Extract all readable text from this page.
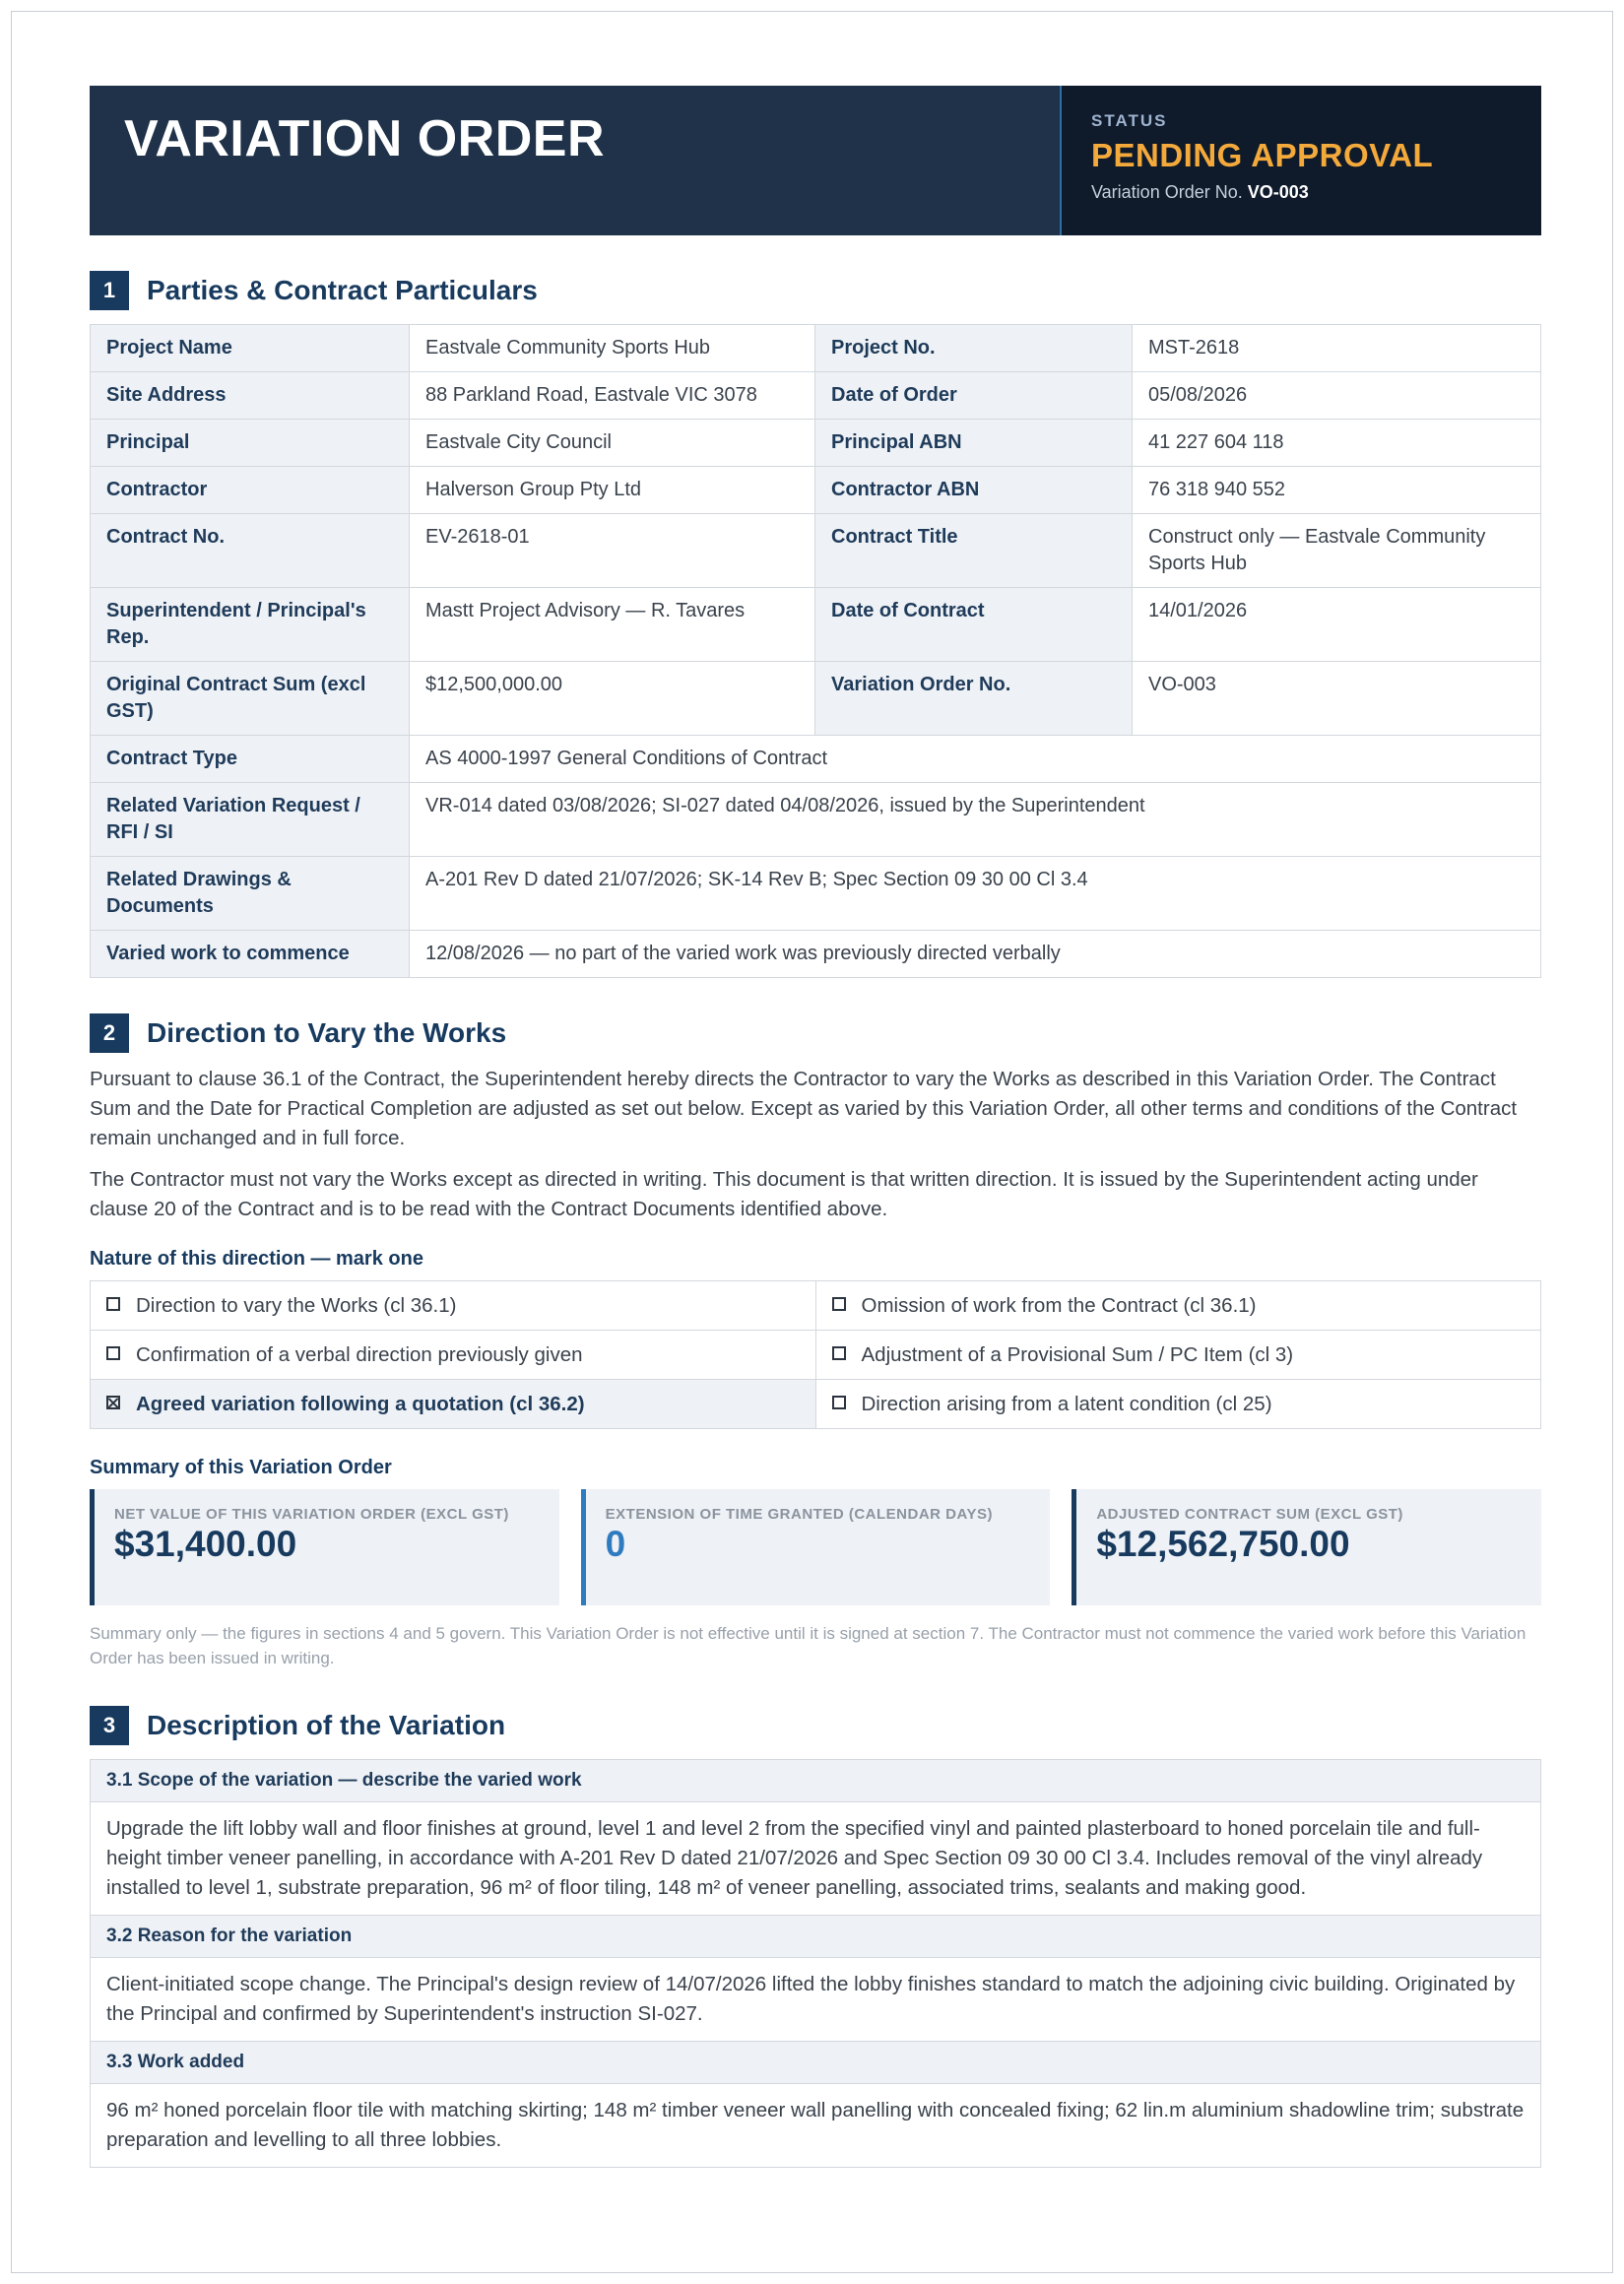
VARIATION ORDER	STATUS
PENDING APPROVAL
Variation Order No. VO-003
1	Parties & Contract Particulars
Project Name	Eastvale Community Sports Hub	Project No.	MST-2618
Site Address	88 Parkland Road, Eastvale VIC 3078	Date of Order	05/08/2026
Principal	Eastvale City Council	Principal ABN	41 227 604 118
Contractor	Halverson Group Pty Ltd	Contractor ABN	76 318 940 552
Contract No.	EV-2618-01	Contract Title	Construct only — Eastvale Community Sports Hub
Superintendent / Principal's Rep.	Mastt Project Advisory — R. Tavares	Date of Contract	14/01/2026
Original Contract Sum (excl GST)	$12,500,000.00	Variation Order No.	VO-003
Contract Type	AS 4000-1997 General Conditions of Contract		
Related Variation Request / RFI / SI	VR-014 dated 03/08/2026; SI-027 dated 04/08/2026, issued by the Superintendent		
Related Drawings & Documents	A-201 Rev D dated 21/07/2026; SK-14 Rev B; Spec Section 09 30 00 Cl 3.4		
Varied work to commence	12/08/2026 — no part of the varied work was previously directed verbally		
2	Direction to Vary the Works
Pursuant to clause 36.1 of the Contract, the Superintendent hereby directs the Contractor to vary the Works as described in this Variation Order. The Contract Sum and the Date for Practical Completion are adjusted as set out below. Except as varied by this Variation Order, all other terms and conditions of the Contract remain unchanged and in full force.
The Contractor must not vary the Works except as directed in writing. This document is that written direction. It is issued by the Superintendent acting under clause 20 of the Contract and is to be read with the Contract Documents identified above.
Nature of this direction — mark one
Direction to vary the Works (cl 36.1)	Omission of work from the Contract (cl 36.1)
Confirmation of a verbal direction previously given	Adjustment of a Provisional Sum / PC Item (cl 3)
Agreed variation following a quotation (cl 36.2)	Direction arising from a latent condition (cl 25)
Summary of this Variation Order
NET VALUE OF THIS VARIATION ORDER (EXCL GST)
$31,400.00
EXTENSION OF TIME GRANTED (CALENDAR DAYS)
0
ADJUSTED CONTRACT SUM (EXCL GST)
$12,562,750.00
Summary only — the figures in sections 4 and 5 govern. This Variation Order is not effective until it is signed at section 7. The Contractor must not commence the varied work before this Variation Order has been issued in writing.
3	Description of the Variation
3.1 Scope of the variation — describe the varied work
Upgrade the lift lobby wall and floor finishes at ground, level 1 and level 2 from the specified vinyl and painted plasterboard to honed porcelain tile and full-height timber veneer panelling, in accordance with A-201 Rev D dated 21/07/2026 and Spec Section 09 30 00 Cl 3.4. Includes removal of the vinyl already installed to level 1, substrate preparation, 96 m² of floor tiling, 148 m² of veneer panelling, associated trims, sealants and making good.
3.2 Reason for the variation
Client-initiated scope change. The Principal's design review of 14/07/2026 lifted the lobby finishes standard to match the adjoining civic building. Originated by the Principal and confirmed by Superintendent's instruction SI-027.
3.3 Work added
96 m² honed porcelain floor tile with matching skirting; 148 m² timber veneer wall panelling with concealed fixing; 62 lin.m aluminium shadowline trim; substrate preparation and levelling to all three lobbies.
